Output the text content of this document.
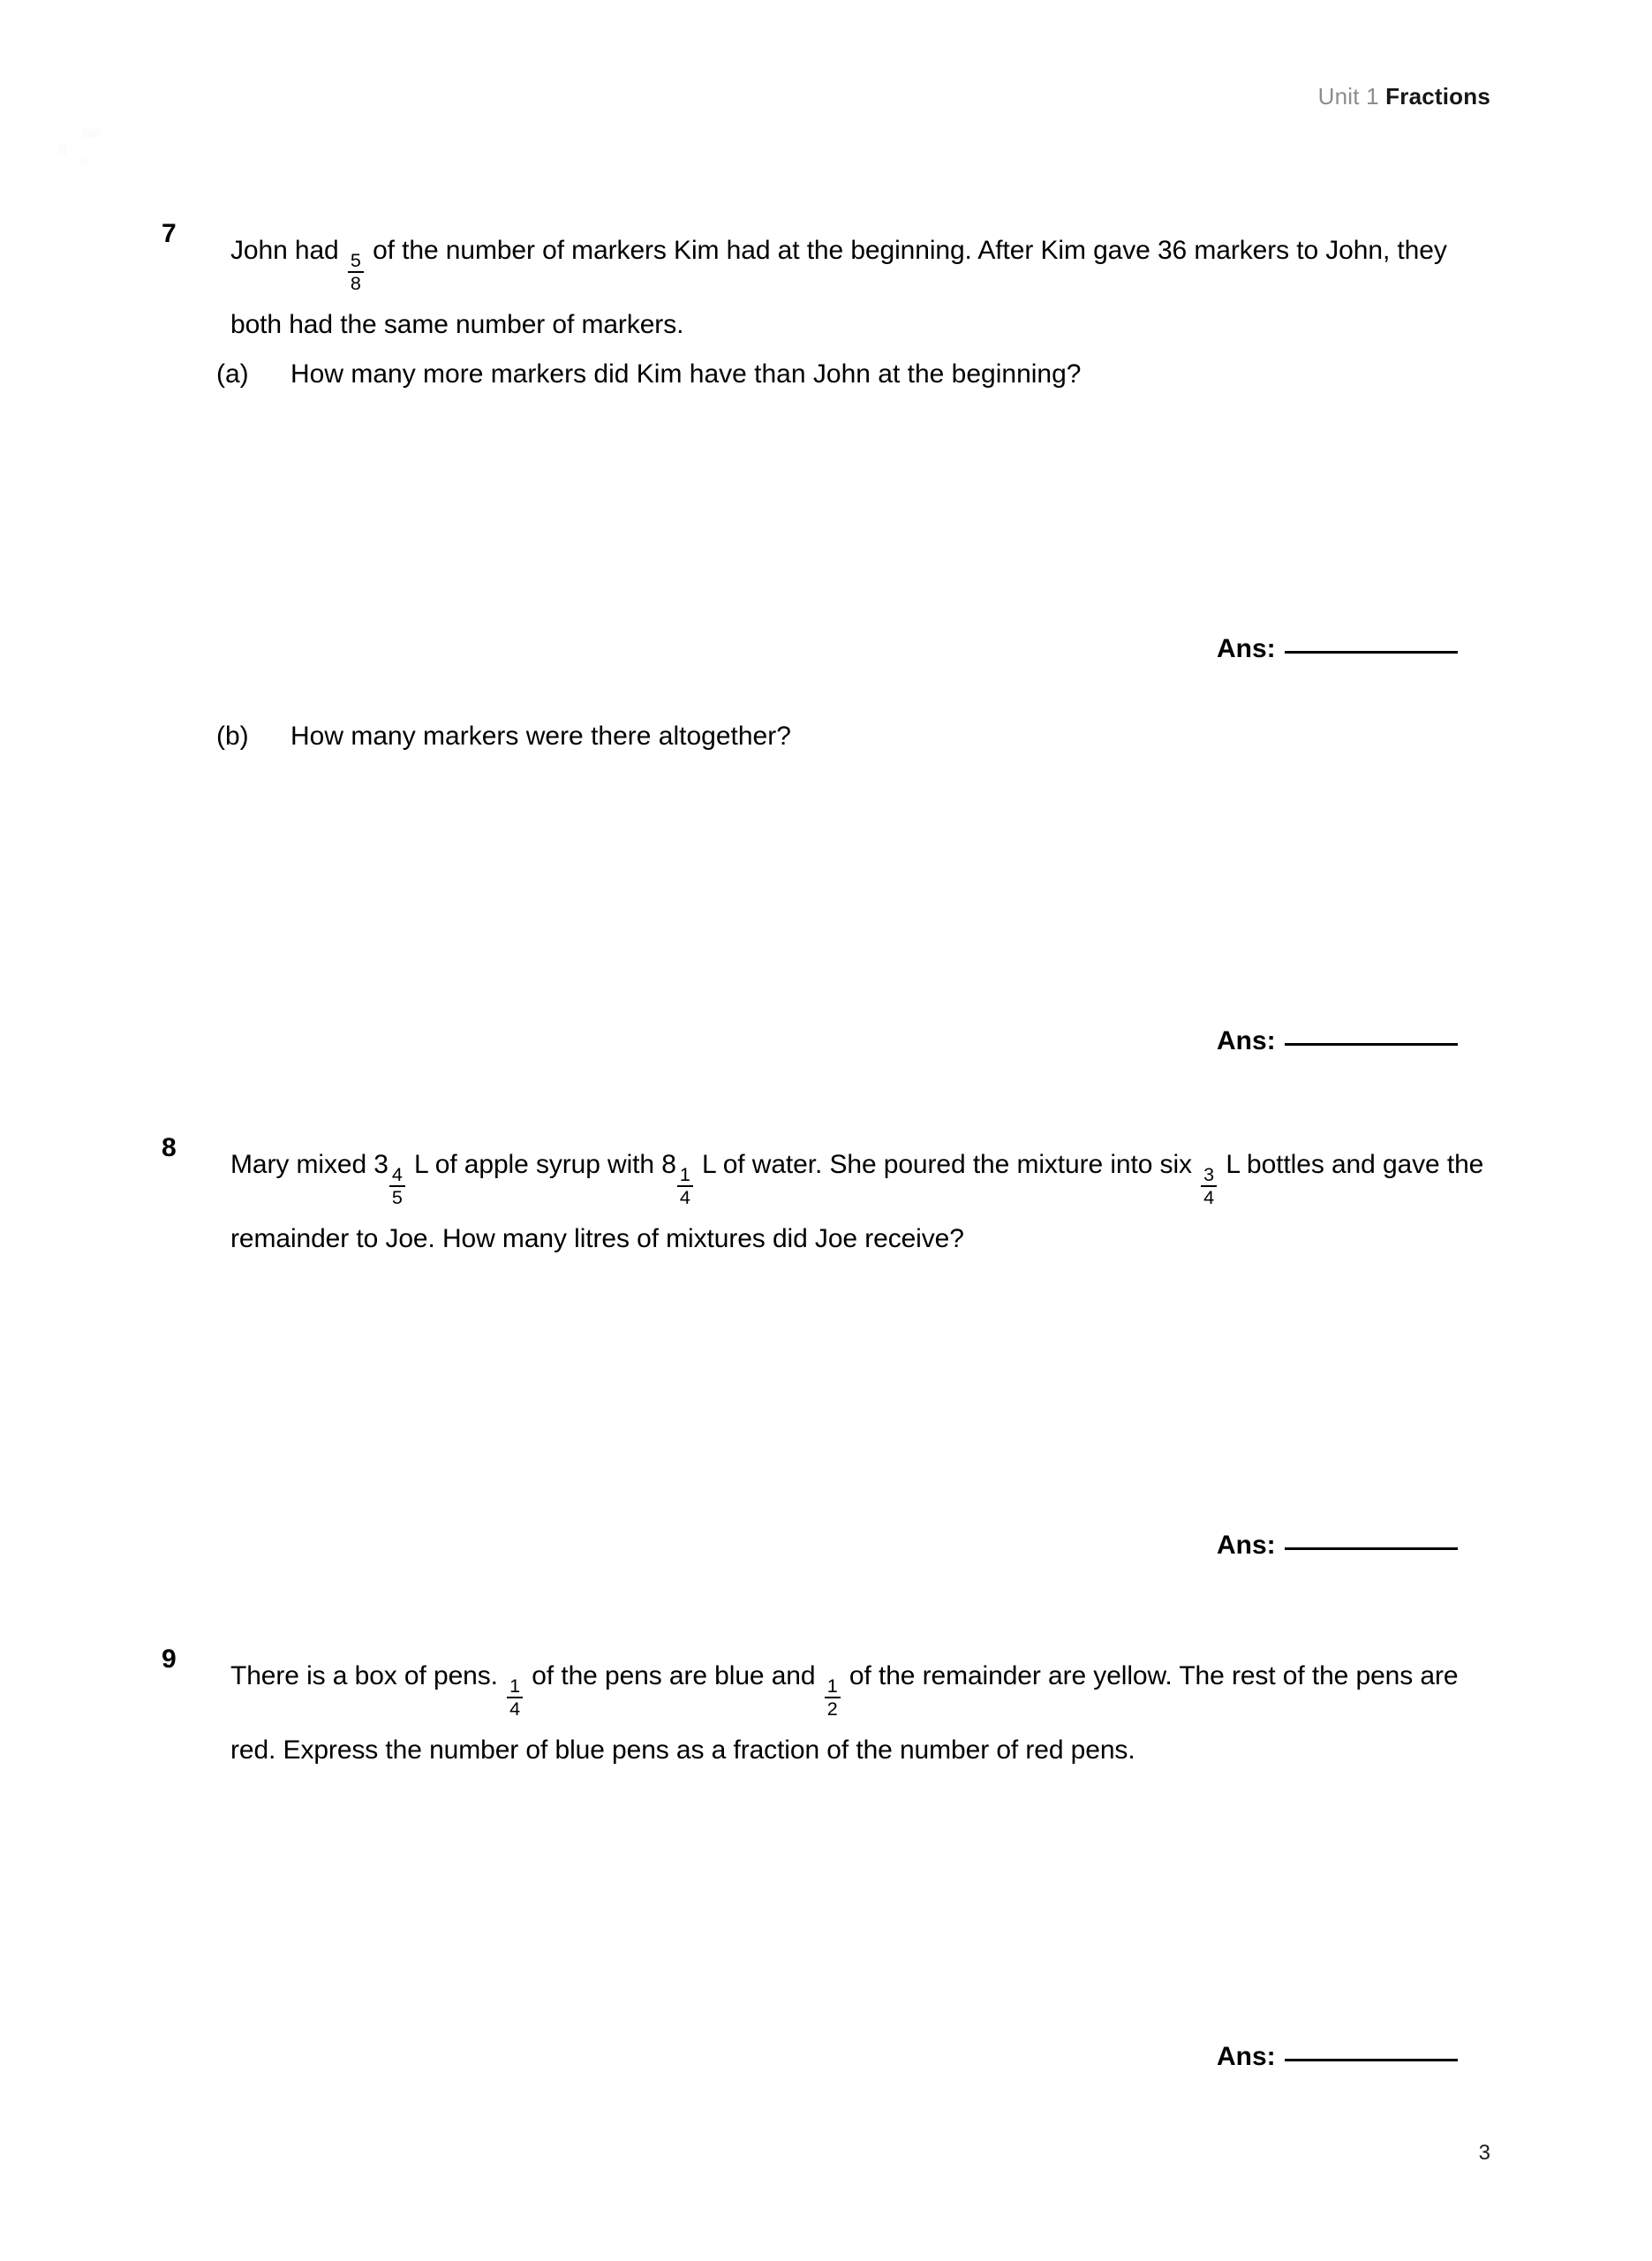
Unit 1 Fractions
7

John had
$\frac{5}{8}$
of the number of markers Kim had at the beginning. After Kim gave 36 markers to John, they both had the same number of markers.

(a) How many more markers did Kim have than John at the beginning?
Ans:
(b) How many markers were there altogether?
Ans:
8

Mary mixed 3
$\frac{4}{5}$
L of apple syrup with 8
$\frac{1}{4}$
L of water. She poured the mixture into six
$\frac{3}{4}$
L bottles and gave the remainder to Joe. How many litres of mixtures did Joe receive?

Ans:
9

There is a box of pens.
$\frac{1}{4}$
of the pens are blue and
$\frac{1}{2}$
of the remainder are yellow. The rest of the pens are red. Express the number of blue pens as a fraction of the number of red pens.

Ans:
3
